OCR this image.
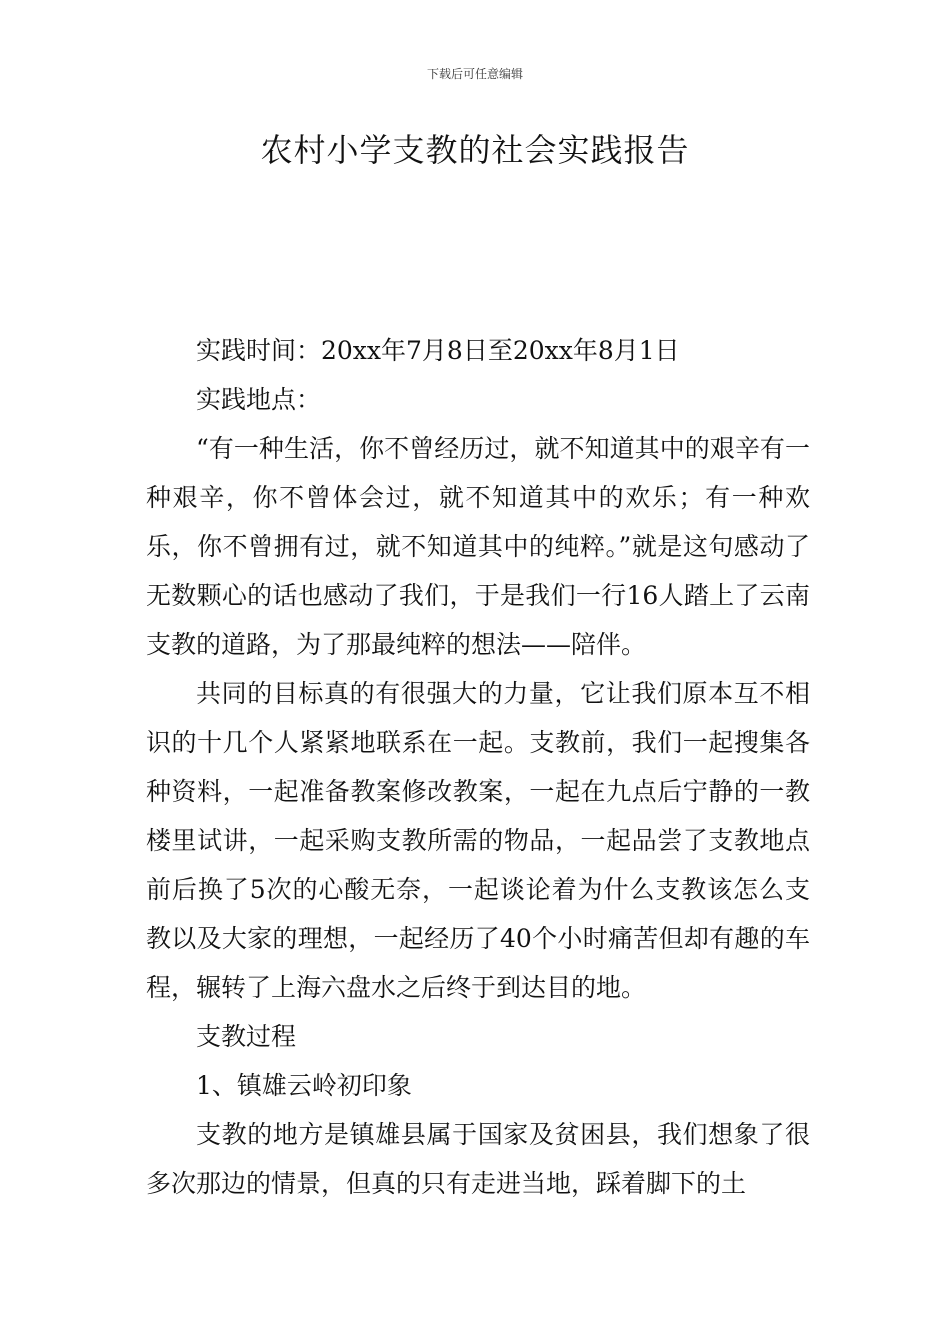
下载后可任意编辑
农村小学支教的社会实践报告

实践时间：20xx年7月8日至20xx年8月1日

实践地点：

“有一种生活，你不曾经历过，就不知道其中的艰辛有一种艰辛，你不曾体会过，就不知道其中的欢乐；有一种欢乐，你不曾拥有过，就不知道其中的纯粹。”就是这句感动了无数颗心的话也感动了我们，于是我们一行16人踏上了云南支教的道路，为了那最纯粹的想法——陪伴。

共同的目标真的有很强大的力量，它让我们原本互不相识的十几个人紧紧地联系在一起。支教前，我们一起搜集各种资料，一起准备教案修改教案，一起在九点后宁静的一教楼里试讲，一起采购支教所需的物品，一起品尝了支教地点前后换了5次的心酸无奈，一起谈论着为什么支教该怎么支教以及大家的理想，一起经历了40个小时痛苦但却有趣的车程，辗转了上海六盘水之后终于到达目的地。

支教过程

1、镇雄云岭初印象

支教的地方是镇雄县属于国家及贫困县，我们想象了很多次那边的情景，但真的只有走进当地，踩着脚下的土
